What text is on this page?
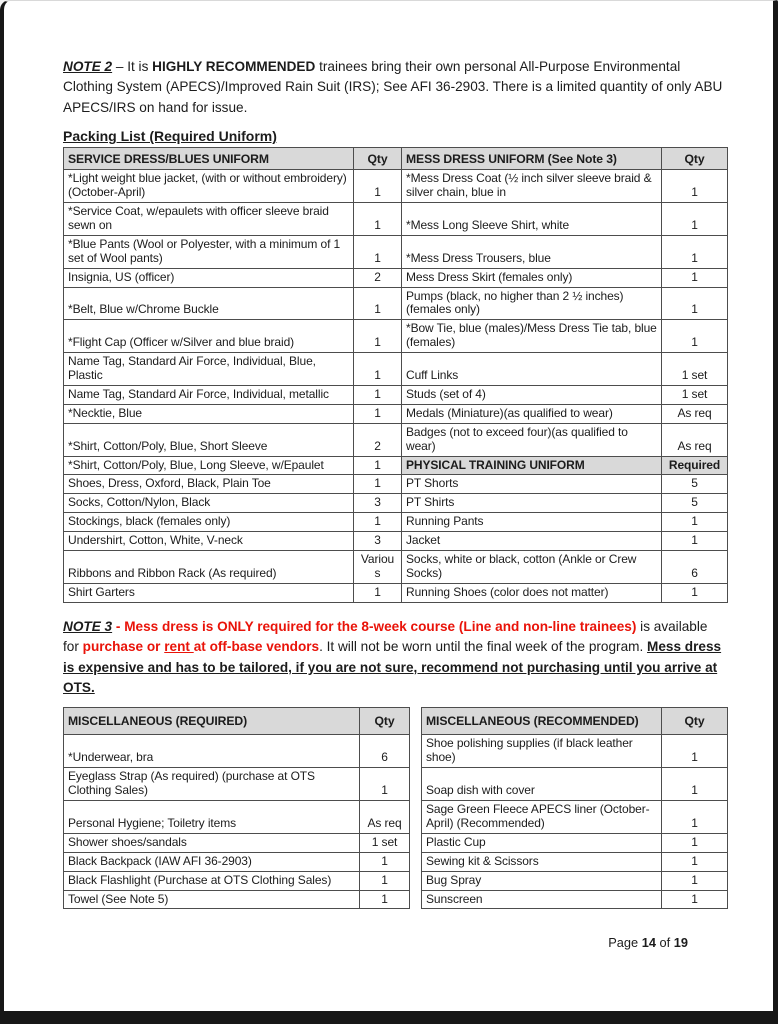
NOTE 2 – It is HIGHLY RECOMMENDED trainees bring their own personal All-Purpose Environmental Clothing System (APECS)/Improved Rain Suit (IRS); See AFI 36-2903. There is a limited quantity of only ABU APECS/IRS on hand for issue.

Packing List (Required Uniform)
SERVICE DRESS/BLUES UNIFORM	Qty	MESS DRESS UNIFORM (See Note 3)	Qty
*Light weight blue jacket, (with or without embroidery) (October-April)	1	*Mess Dress Coat (½ inch silver sleeve braid & silver chain, blue in	1
*Service Coat, w/epaulets with officer sleeve braid sewn on	1	*Mess Long Sleeve Shirt, white	1
*Blue Pants (Wool or Polyester, with a minimum of 1 set of Wool pants)	1	*Mess Dress Trousers, blue	1
Insignia, US (officer)	2	Mess Dress Skirt (females only)	1
*Belt, Blue w/Chrome Buckle	1	Pumps (black, no higher than 2 ½ inches) (females only)	1
*Flight Cap (Officer w/Silver and blue braid)	1	*Bow Tie, blue (males)/Mess Dress Tie tab, blue (females)	1
Name Tag, Standard Air Force, Individual, Blue, Plastic	1	Cuff Links	1 set
Name Tag, Standard Air Force, Individual, metallic	1	Studs (set of 4)	1 set
*Necktie, Blue	1	Medals (Miniature)(as qualified to wear)	As req
*Shirt, Cotton/Poly, Blue, Short Sleeve	2	Badges (not to exceed four)(as qualified to wear)	As req
*Shirt, Cotton/Poly, Blue, Long Sleeve, w/Epaulet	1	PHYSICAL TRAINING UNIFORM	Required
Shoes, Dress, Oxford, Black, Plain Toe	1	PT Shorts	5
Socks, Cotton/Nylon, Black	3	PT Shirts	5
Stockings, black (females only)	1	Running Pants	1
Undershirt, Cotton, White, V-neck	3	Jacket	1
Ribbons and Ribbon Rack (As required)	Various	Socks, white or black, cotton (Ankle or Crew Socks)	6
Shirt Garters	1	Running Shoes (color does not matter)	1

NOTE 3 - Mess dress is ONLY required for the 8-week course (Line and non-line trainees) is available for purchase or rent at off-base vendors. It will not be worn until the final week of the program. Mess dress is expensive and has to be tailored, if you are not sure, recommend not purchasing until you arrive at OTS.

MISCELLANEOUS (REQUIRED)	Qty		MISCELLANEOUS (RECOMMENDED)	Qty
*Underwear, bra	6		Shoe polishing supplies (if black leather shoe)	1
Eyeglass Strap (As required) (purchase at OTS Clothing Sales)	1		Soap dish with cover	1
Personal Hygiene; Toiletry items	As req		Sage Green Fleece APECS liner (October-April) (Recommended)	1
Shower shoes/sandals	1 set		Plastic Cup	1
Black Backpack (IAW AFI 36-2903)	1		Sewing kit & Scissors	1
Black Flashlight (Purchase at OTS Clothing Sales)	1		Bug Spray	1
Towel (See Note 5)	1		Sunscreen	1
Page 14 of 19
